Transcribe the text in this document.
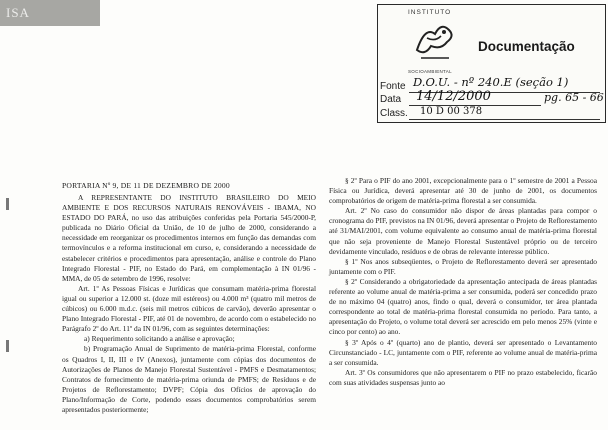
ISA	INSTITUTO
SOCIOAMBIENTAL
Documentação
Fonte D.O.U. - nº 240.E (seção 1)
Data 14/12/2000	pg. 65 - 66
Class. 10 D 00 378
PORTARIA Nº 9, DE 11 DE DEZEMBRO DE 2000

A REPRESENTANTE DO INSTITUTO BRASILEIRO DO MEIO AMBIENTE E DOS RECURSOS NATURAIS RENOVÁVEIS - IBAMA, NO ESTADO DO PARÁ, no uso das atribuições conferidas pela Portaria 545/2000-P, publicada no Diário Oficial da União, de 10 de julho de 2000, considerando a necessidade em reorganizar os procedimentos internos em função das demandas com termovínculos e a reforma institucional em curso, e, considerando a necessidade de estabelecer critérios e procedimentos para apresentação, análise e controle do Plano Integrado Florestal - PIF, no Estado do Pará, em complementação à IN 01/96 - MMA, de 05 de setembro de 1996, resolve:

Art. 1º As Pessoas Físicas e Jurídicas que consumam matéria-prima florestal igual ou superior a 12.000 st. (doze mil estéreos) ou 4.000 m³ (quatro mil metros de cúbicos) ou 6.000 m.d.c. (seis mil metros cúbicos de carvão), deverão apresentar o Plano Integrado Florestal - PIF, até 01 de novembro, de acordo com o estabelecido no Parágrafo 2º do Art. 11º da IN 01/96, com as seguintes determinações:

a) Requerimento solicitando a análise e aprovação;

b) Programação Anual de Suprimento de matéria-prima Florestal, conforme os Quadros I, II, III e IV (Anexos), juntamente com cópias dos documentos de Autorizações de Planos de Manejo Florestal Sustentável - PMFS e Desmatamentos; Contratos de fornecimento de matéria-prima oriunda de PMFS; de Resíduos e de Projetos de Reflorestamento; DVPF; Cópia dos Ofícios de aprovação do Plano/Informação de Corte, podendo esses documentos comprobatórios serem apresentados posteriormente;

§ 2º Para o PIF do ano 2001, excepcionalmente para o 1º semestre de 2001 a Pessoa Física ou Jurídica, deverá apresentar até 30 de junho de 2001, os documentos comprobatórios de origem de matéria-prima florestal a ser consumida.

Art. 2º No caso do consumidor não dispor de áreas plantadas para compor o cronograma do PIF, previstos na IN 01/96, deverá apresentar o Projeto de Reflorestamento até 31/MAI/2001, com volume equivalente ao consumo anual de matéria-prima florestal que não seja proveniente de Manejo Florestal Sustentável próprio ou de terceiro devidamente vinculado, resíduos e de obras de relevante interesse público.

§ 1º Nos anos subseqüentes, o Projeto de Reflorestamento deverá ser apresentado juntamente com o PIF.

§ 2º Considerando a obrigatoriedade da apresentação antecipada de áreas plantadas referente ao volume anual de matéria-prima a ser consumida, poderá ser concedido prazo de no máximo 04 (quatro) anos, findo o qual, deverá o consumidor, ter área plantada correspondente ao total de matéria-prima florestal consumida no período. Para tanto, a apresentação do Projeto, o volume total deverá ser acrescido em pelo menos 25% (vinte e cinco por cento) ao ano.

§ 3º Após o 4º (quarto) ano de plantio, deverá ser apresentado o Levantamento Circunstanciado - LC, juntamente com o PIF, referente ao volume anual de matéria-prima a ser consumida.

Art. 3º Os consumidores que não apresentarem o PIF no prazo estabelecido, ficarão com suas atividades suspensas junto ao
